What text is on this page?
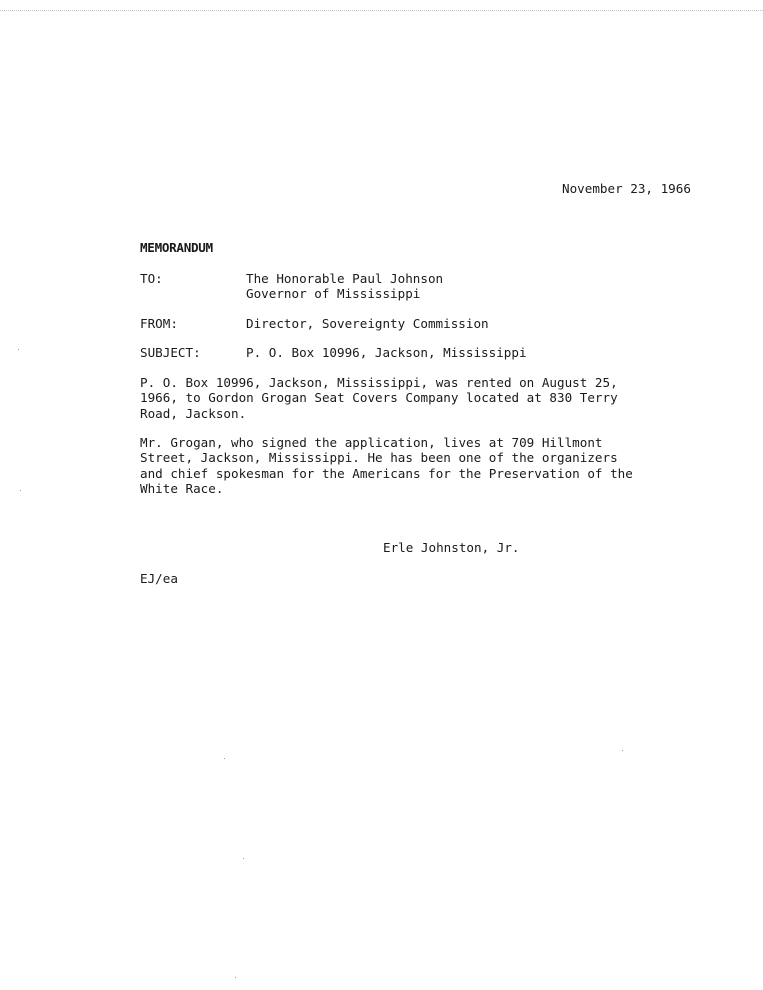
November 23, 1966
MEMORANDUM
TO:	The Honorable Paul Johnson
Governor of Mississippi
FROM:	Director, Sovereignty Commission
SUBJECT:	P. O. Box 10996, Jackson, Mississippi
P. O. Box 10996, Jackson, Mississippi, was rented on August 25,
1966, to Gordon Grogan Seat Covers Company located at 830 Terry
Road, Jackson.
Mr. Grogan, who signed the application, lives at 709 Hillmont
Street, Jackson, Mississippi. He has been one of the organizers
and chief spokesman for the Americans for the Preservation of the
White Race.
Erle Johnston, Jr.
EJ/ea
